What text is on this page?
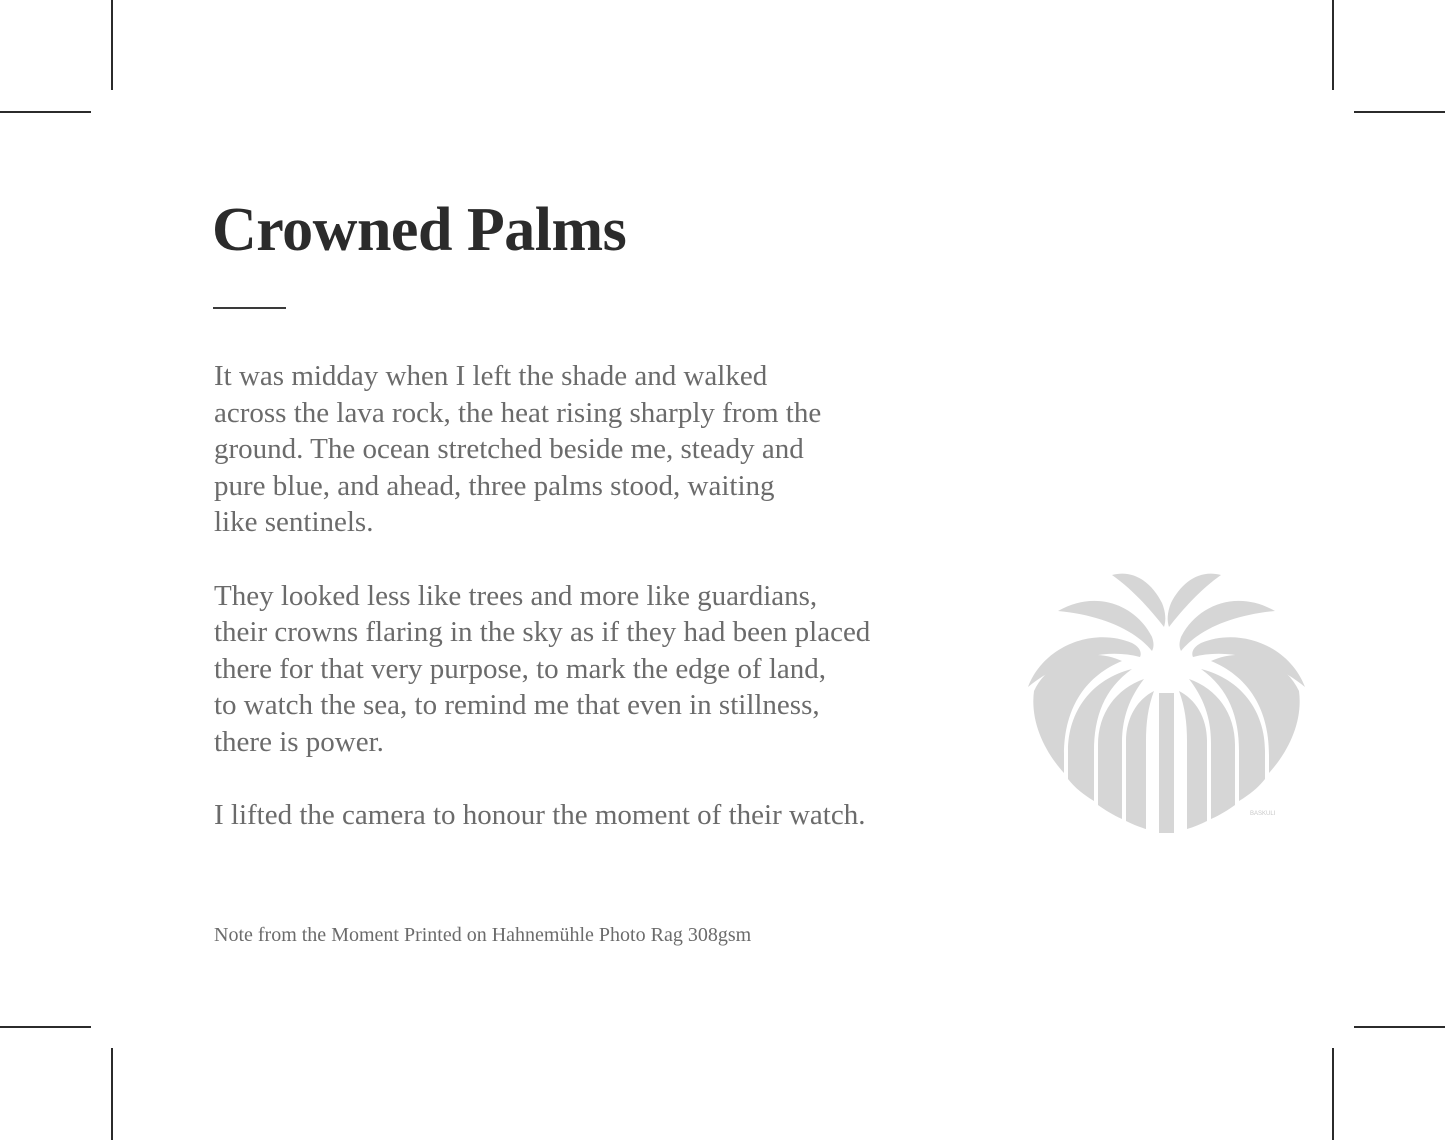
Crowned Palms

It was midday when I left the shade and walked
across the lava rock, the heat rising sharply from the
ground. The ocean stretched beside me, steady and
pure blue, and ahead, three palms stood, waiting
like sentinels.

They looked less like trees and more like guardians,
their crowns flaring in the sky as if they had been placed
there for that very purpose, to mark the edge of land,
to watch the sea, to remind me that even in stillness,
there is power.

I lifted the camera to honour the moment of their watch.

Note from the Moment Printed on Hahnemühle Photo Rag 308gsm
BASKULI
